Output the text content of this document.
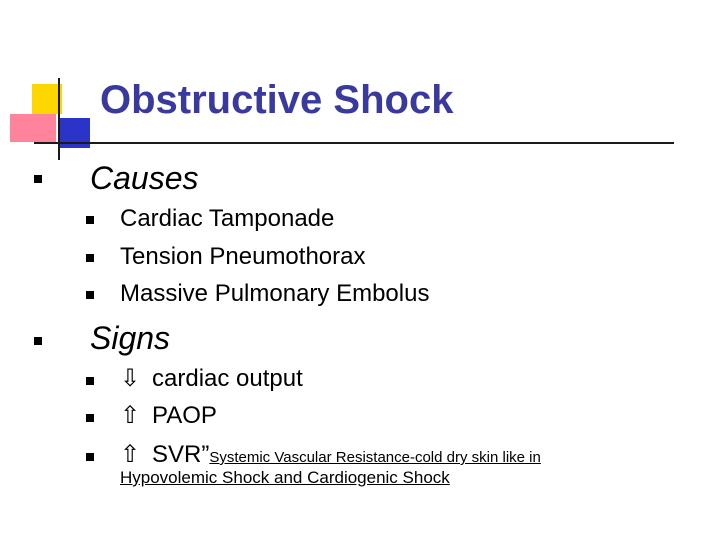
Obstructive Shock
Causes
Cardiac Tamponade
Tension Pneumothorax
Massive Pulmonary Embolus
Signs
⇩ cardiac output
⇧ PAOP
⇧ SVR”Systemic Vascular Resistance-cold dry skin like in
Hypovolemic Shock and Cardiogenic Shock
